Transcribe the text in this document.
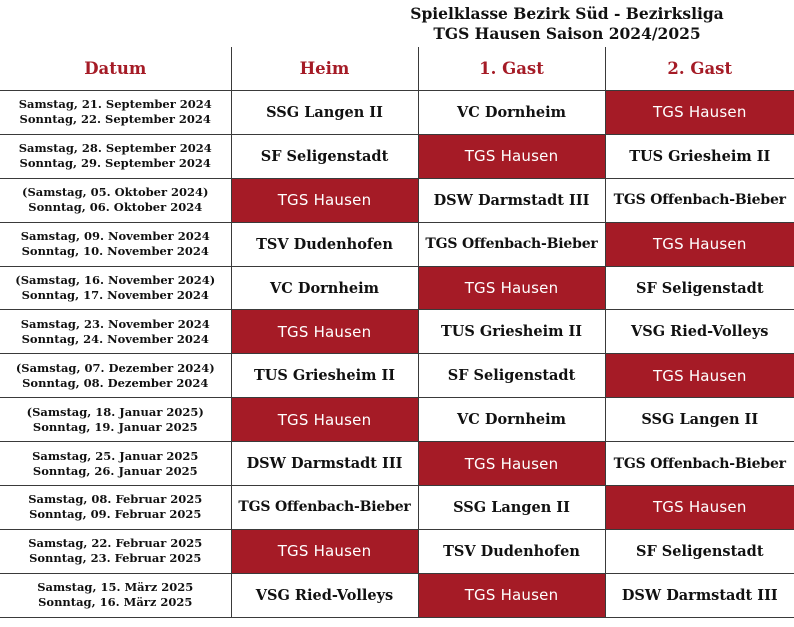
Spielklasse Bezirk Süd - Bezirksliga
TGS Hausen Saison 2024/2025
Datum	Heim	1. Gast	2. Gast

Samstag, 21. September 2024
Sonntag, 22. September 2024	SSG Langen II	VC Dornheim	TGS Hausen

Samstag, 28. September 2024
Sonntag, 29. September 2024	SF Seligenstadt	TGS Hausen	TUS Griesheim II

(Samstag, 05. Oktober 2024)
Sonntag, 06. Oktober 2024	TGS Hausen	DSW Darmstadt III	TGS Offenbach-Bieber

Samstag, 09. November 2024
Sonntag, 10. November 2024	TSV Dudenhofen	TGS Offenbach-Bieber	TGS Hausen

(Samstag, 16. November 2024)
Sonntag, 17. November 2024	VC Dornheim	TGS Hausen	SF Seligenstadt

Samstag, 23. November 2024
Sonntag, 24. November 2024	TGS Hausen	TUS Griesheim II	VSG Ried-Volleys

(Samstag, 07. Dezember 2024)
Sonntag, 08. Dezember 2024	TUS Griesheim II	SF Seligenstadt	TGS Hausen

(Samstag, 18. Januar 2025)
Sonntag, 19. Januar 2025	TGS Hausen	VC Dornheim	SSG Langen II

Samstag, 25. Januar 2025
Sonntag, 26. Januar 2025	DSW Darmstadt III	TGS Hausen	TGS Offenbach-Bieber

Samstag, 08. Februar 2025
Sonntag, 09. Februar 2025	TGS Offenbach-Bieber	SSG Langen II	TGS Hausen

Samstag, 22. Februar 2025
Sonntag, 23. Februar 2025	TGS Hausen	TSV Dudenhofen	SF Seligenstadt

Samstag, 15. März 2025
Sonntag, 16. März 2025	VSG Ried-Volleys	TGS Hausen	DSW Darmstadt III
